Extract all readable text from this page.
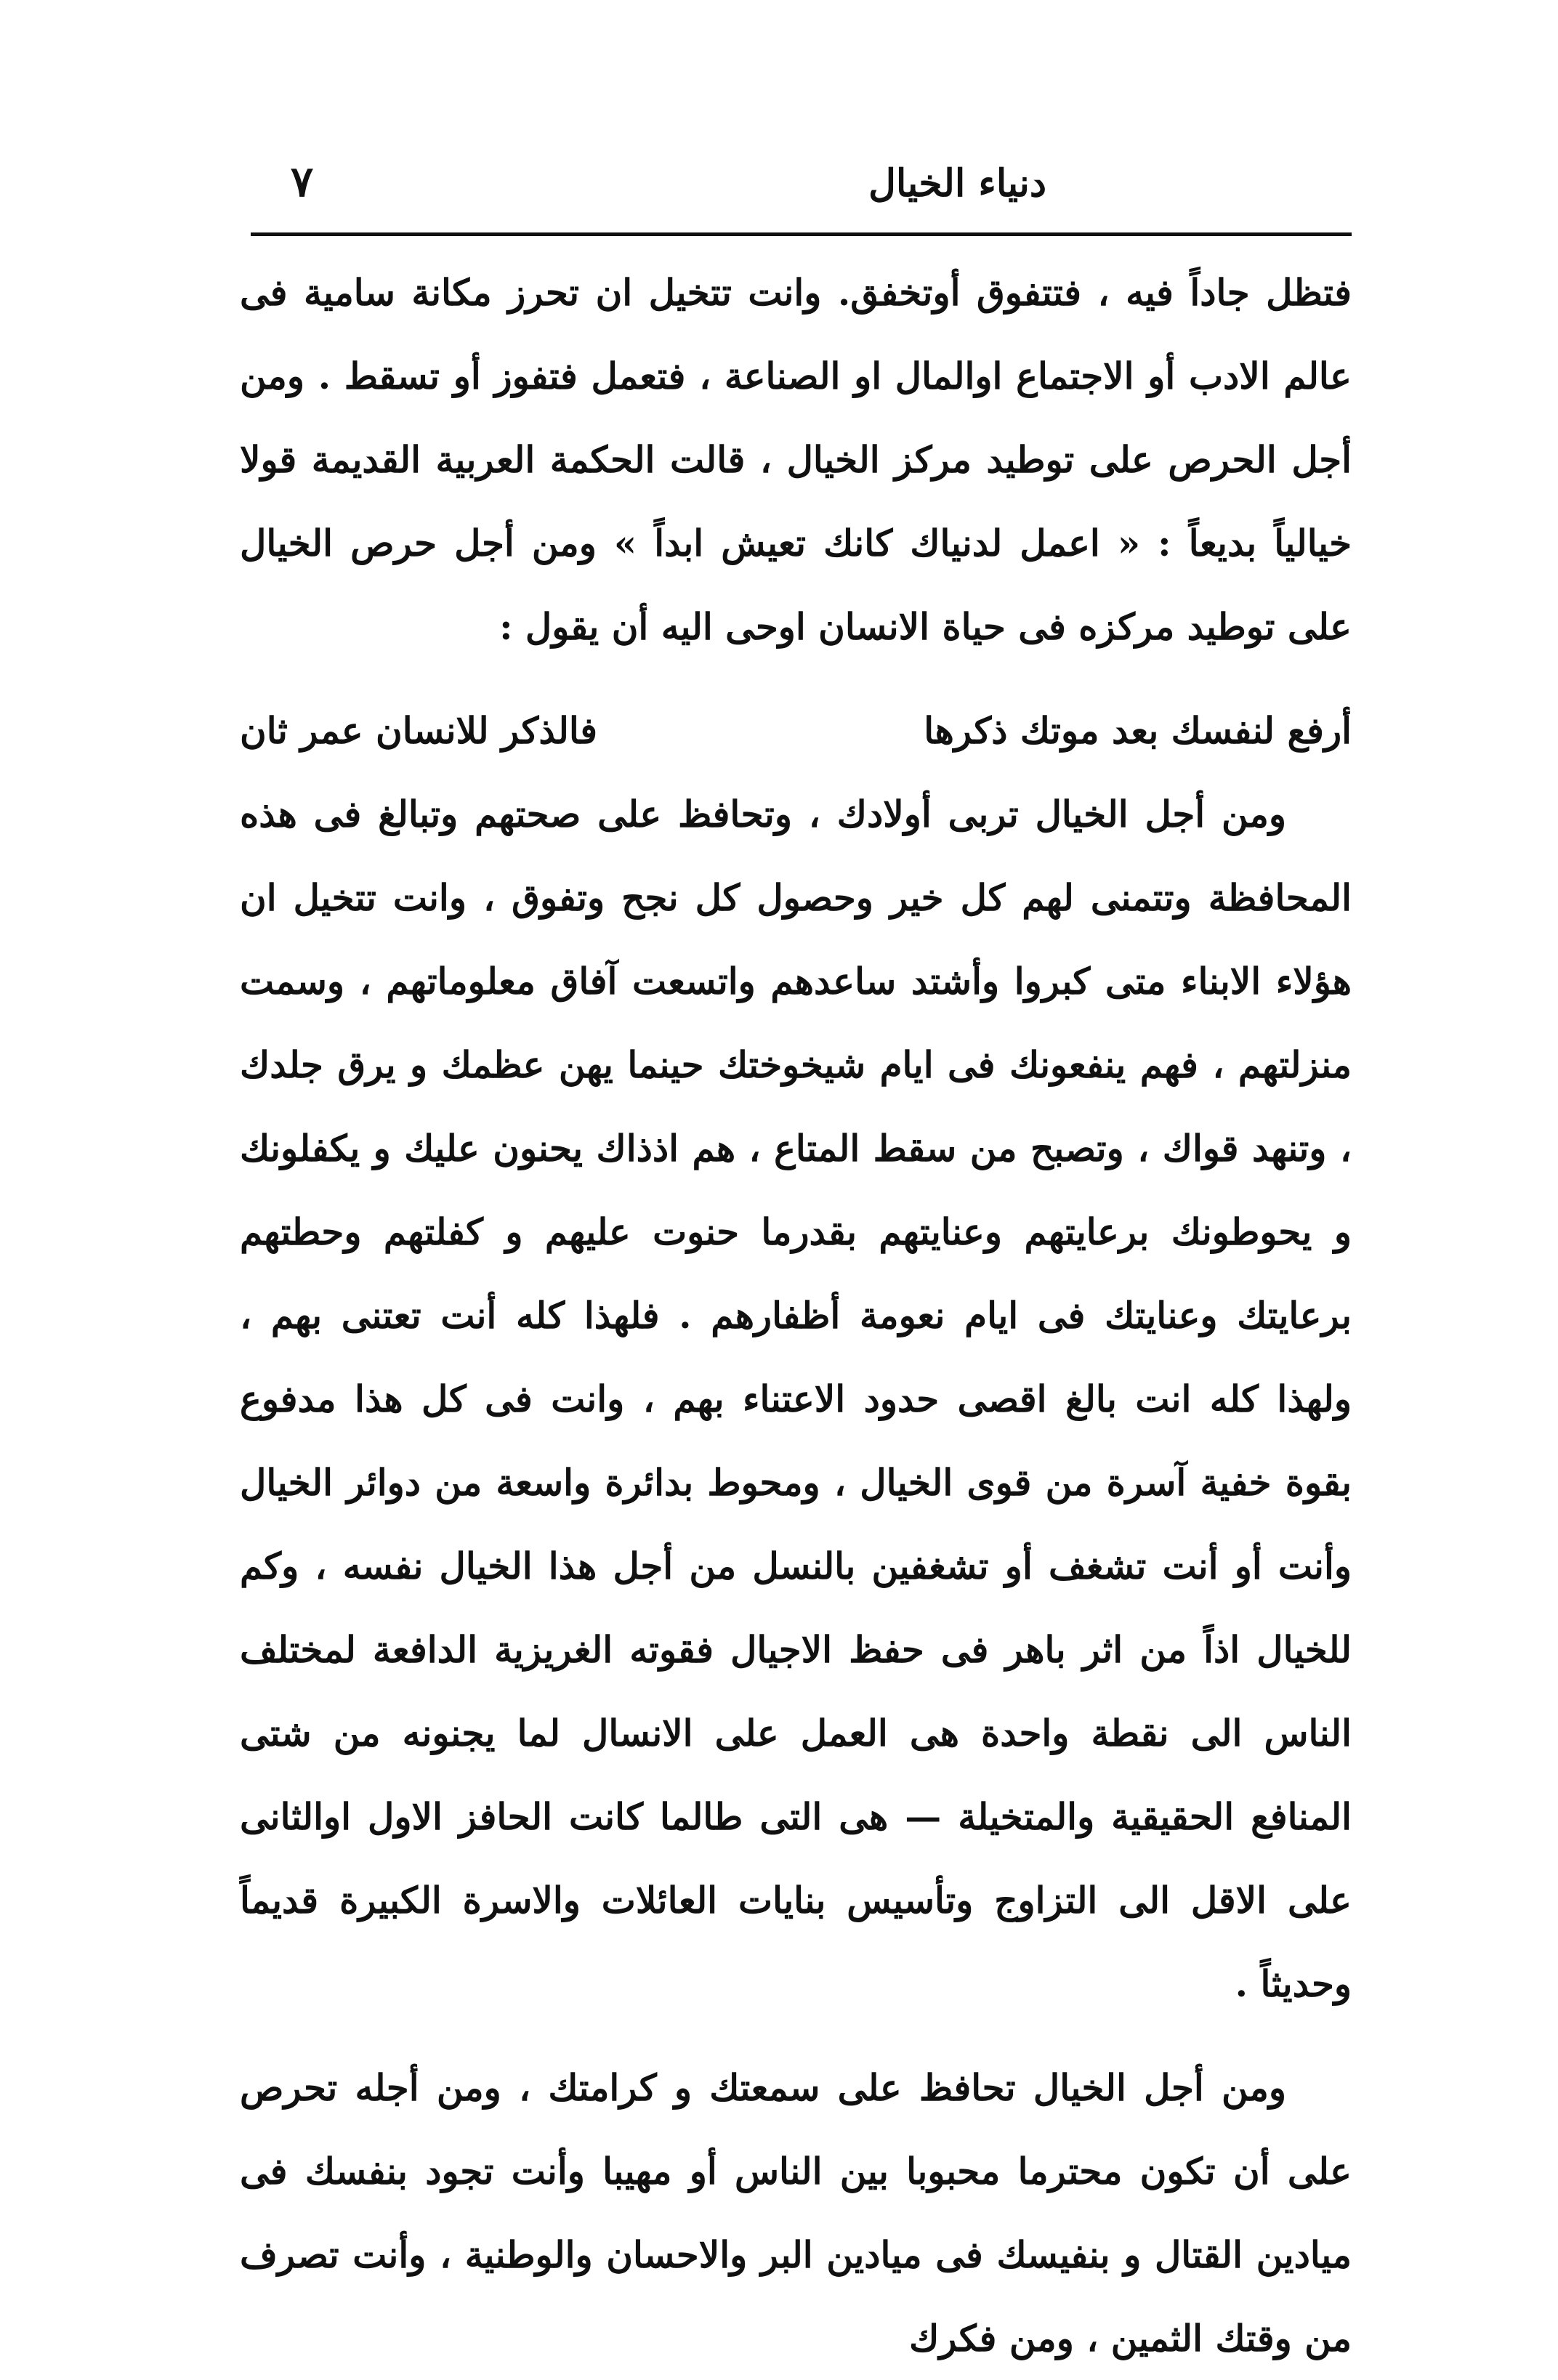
دنياء الخيال
٧

فتظل جاداً فيه ، فتتفوق أوتخفق. وانت تتخيل ان تحرز مكانة سامية فى عالم الادب أو الاجتماع اوالمال او الصناعة ، فتعمل فتفوز أو تسقط . ومن أجل الحرص على توطيد مركز الخيال ، قالت الحكمة العربية القديمة قولا خيالياً بديعاً : « اعمل لدنياك كانك تعيش ابداً » ومن أجل حرص الخيال على توطيد مركزه فى حياة الانسان اوحى اليه أن يقول :

أرفع لنفسك بعد موتك ذكرها
فالذكر للانسان عمر ثان

ومن أجل الخيال تربى أولادك ، وتحافظ على صحتهم وتبالغ فى هذه المحافظة وتتمنى لهم كل خير وحصول كل نجح وتفوق ، وانت تتخيل ان هؤلاء الابناء متى كبروا وأشتد ساعدهم واتسعت آفاق معلوماتهم ، وسمت منزلتهم ، فهم ينفعونك فى ايام شيخوختك حينما يهن عظمك و يرق جلدك ، وتنهد قواك ، وتصبح من سقط المتاع ، هم اذذاك يحنون عليك و يكفلونك و يحوطونك برعايتهم وعنايتهم بقدرما حنوت عليهم و كفلتهم وحطتهم برعايتك وعنايتك فى ايام نعومة أظفارهم . فلهذا كله أنت تعتنى بهم ، ولهذا كله انت بالغ اقصى حدود الاعتناء بهم ، وانت فى كل هذا مدفوع بقوة خفية آسرة من قوى الخيال ، ومحوط بدائرة واسعة من دوائر الخيال وأنت أو أنت تشغف أو تشغفين بالنسل من أجل هذا الخيال نفسه ، وكم للخيال اذاً من اثر باهر فى حفظ الاجيال فقوته الغريزية الدافعة لمختلف الناس الى نقطة واحدة هى العمل على الانسال لما يجنونه من شتى المنافع الحقيقية والمتخيلة — هى التى طالما كانت الحافز الاول اوالثانى على الاقل الى التزاوج وتأسيس بنايات العائلات والاسرة الكبيرة قديماً وحديثاً .

ومن أجل الخيال تحافظ على سمعتك و كرامتك ، ومن أجله تحرص على أن تكون محترما محبوبا بين الناس أو مهيبا وأنت تجود بنفسك فى ميادين القتال و بنفيسك فى ميادين البر والاحسان والوطنية ، وأنت تصرف من وقتك الثمين ، ومن فكرك
